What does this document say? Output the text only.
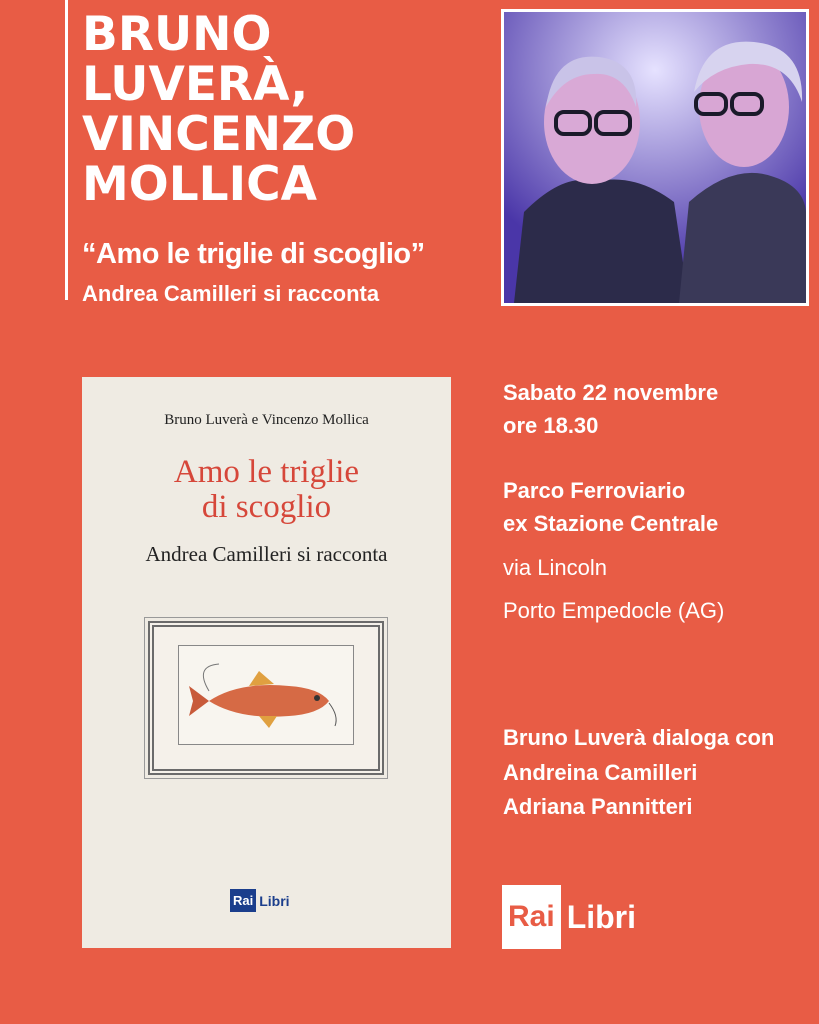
BRUNO
LUVERÀ,
VINCENZO
MOLLICA
“Amo le triglie di scoglio”
Andrea Camilleri si racconta
Bruno Luverà e Vincenzo Mollica
Amo le triglie
di scoglio
Andrea Camilleri si racconta
Rai Libri
Sabato 22 novembre
ore 18.30
Parco Ferroviario
ex Stazione Centrale
via Lincoln
Porto Empedocle (AG)
Bruno Luverà dialoga con
Andreina Camilleri
Adriana Pannitteri
Rai Libri
